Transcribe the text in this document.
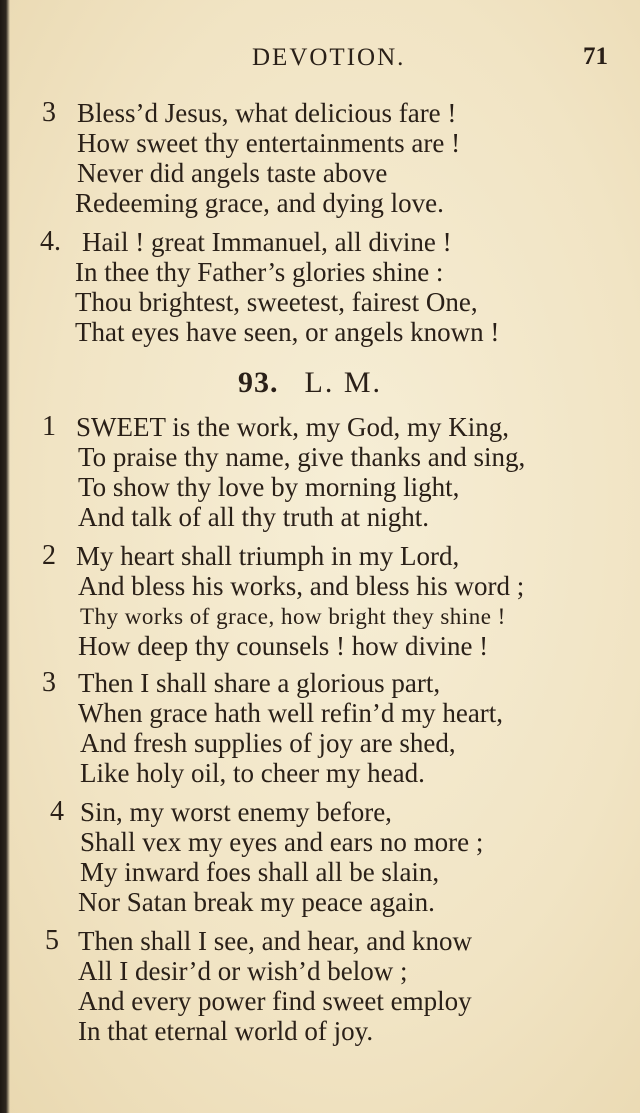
DEVOTION.	71
3 Bless’d Jesus, what delicious fare !
How sweet thy entertainments are !
Never did angels taste above
Redeeming grace, and dying love.
4. Hail ! great Immanuel, all divine !
In thee thy Father’s glories shine :
Thou brightest, sweetest, fairest One,
That eyes have seen, or angels known !
93. L. M.
1 SWEET is the work, my God, my King,
To praise thy name, give thanks and sing,
To show thy love by morning light,
And talk of all thy truth at night.
2 My heart shall triumph in my Lord,
And bless his works, and bless his word ;
Thy works of grace, how bright they shine !
How deep thy counsels ! how divine !
3 Then I shall share a glorious part,
When grace hath well refin’d my heart,
And fresh supplies of joy are shed,
Like holy oil, to cheer my head.
4 Sin, my worst enemy before,
Shall vex my eyes and ears no more ;
My inward foes shall all be slain,
Nor Satan break my peace again.
5 Then shall I see, and hear, and know
All I desir’d or wish’d below ;
And every power find sweet employ
In that eternal world of joy.
